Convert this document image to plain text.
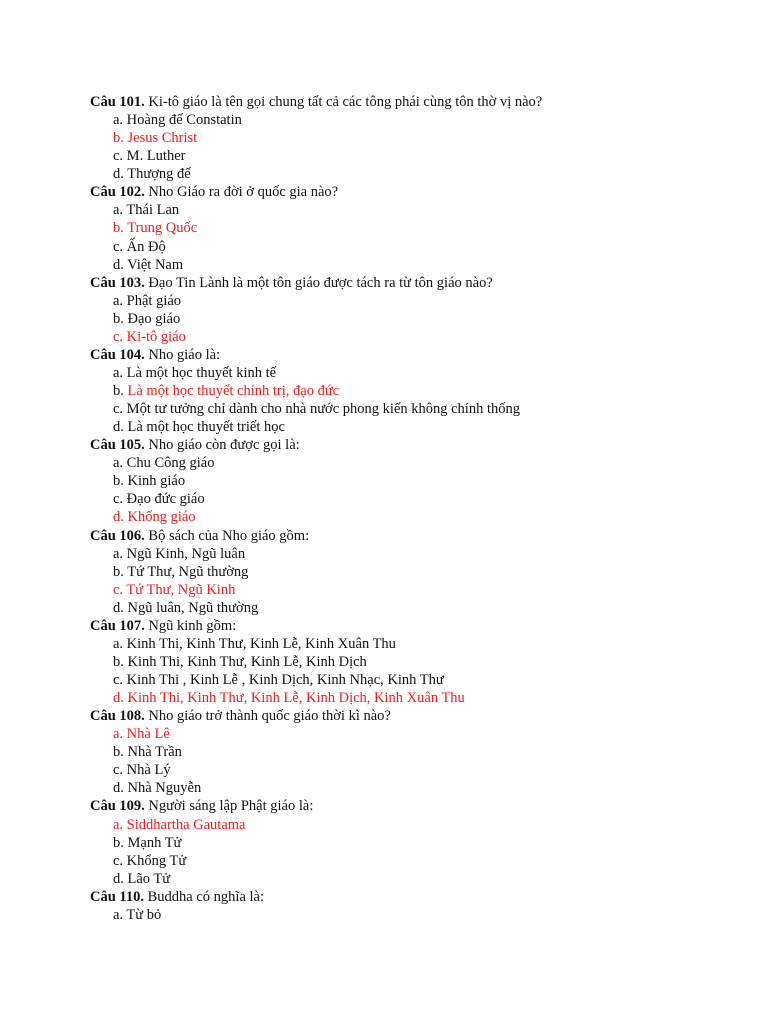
Câu 101. Ki-tô giáo là tên gọi chung tất cả các tông phái cùng tôn thờ vị nào?
a. Hoàng đế Constatin
b. Jesus Christ
c. M. Luther
d. Thượng đế
Câu 102. Nho Giáo ra đời ở quốc gia nào?
a. Thái Lan
b. Trung Quốc
c. Ấn Độ
d. Việt Nam
Câu 103. Đạo Tin Lành là một tôn giáo được tách ra từ tôn giáo nào?
a. Phật giáo
b. Đạo giáo
c. Ki-tô giáo
Câu 104. Nho giáo là:
a. Là một học thuyết kinh tế
b. Là một học thuyết chính trị, đạo đức
c. Một tư tưởng chỉ dành cho nhà nước phong kiến không chính thống
d. Là một học thuyết triết học
Câu 105. Nho giáo còn được gọi là:
a. Chu Công giáo
b. Kinh giáo
c. Đạo đức giáo
d. Khổng giáo
Câu 106. Bộ sách của Nho giáo gồm:
a. Ngũ Kinh, Ngũ luân
b. Tứ Thư, Ngũ thường
c. Tứ Thư, Ngũ Kinh
d. Ngũ luân, Ngũ thường
Câu 107. Ngũ kinh gồm:
a. Kinh Thi, Kinh Thư, Kinh Lễ, Kinh Xuân Thu
b. Kinh Thi, Kinh Thư, Kinh Lễ, Kinh Dịch
c. Kinh Thi , Kinh Lễ , Kinh Dịch, Kinh Nhạc, Kinh Thư
d. Kinh Thi, Kinh Thư, Kinh Lễ, Kinh Dịch, Kinh Xuân Thu
Câu 108. Nho giáo trở thành quốc giáo thời kì nào?
a. Nhà Lê
b. Nhà Trần
c. Nhà Lý
d. Nhà Nguyễn
Câu 109. Người sáng lập Phật giáo là:
a. Siddhartha Gautama
b. Mạnh Tử
c. Khổng Tử
d. Lão Tử
Câu 110. Buddha có nghĩa là:
a. Từ bỏ
